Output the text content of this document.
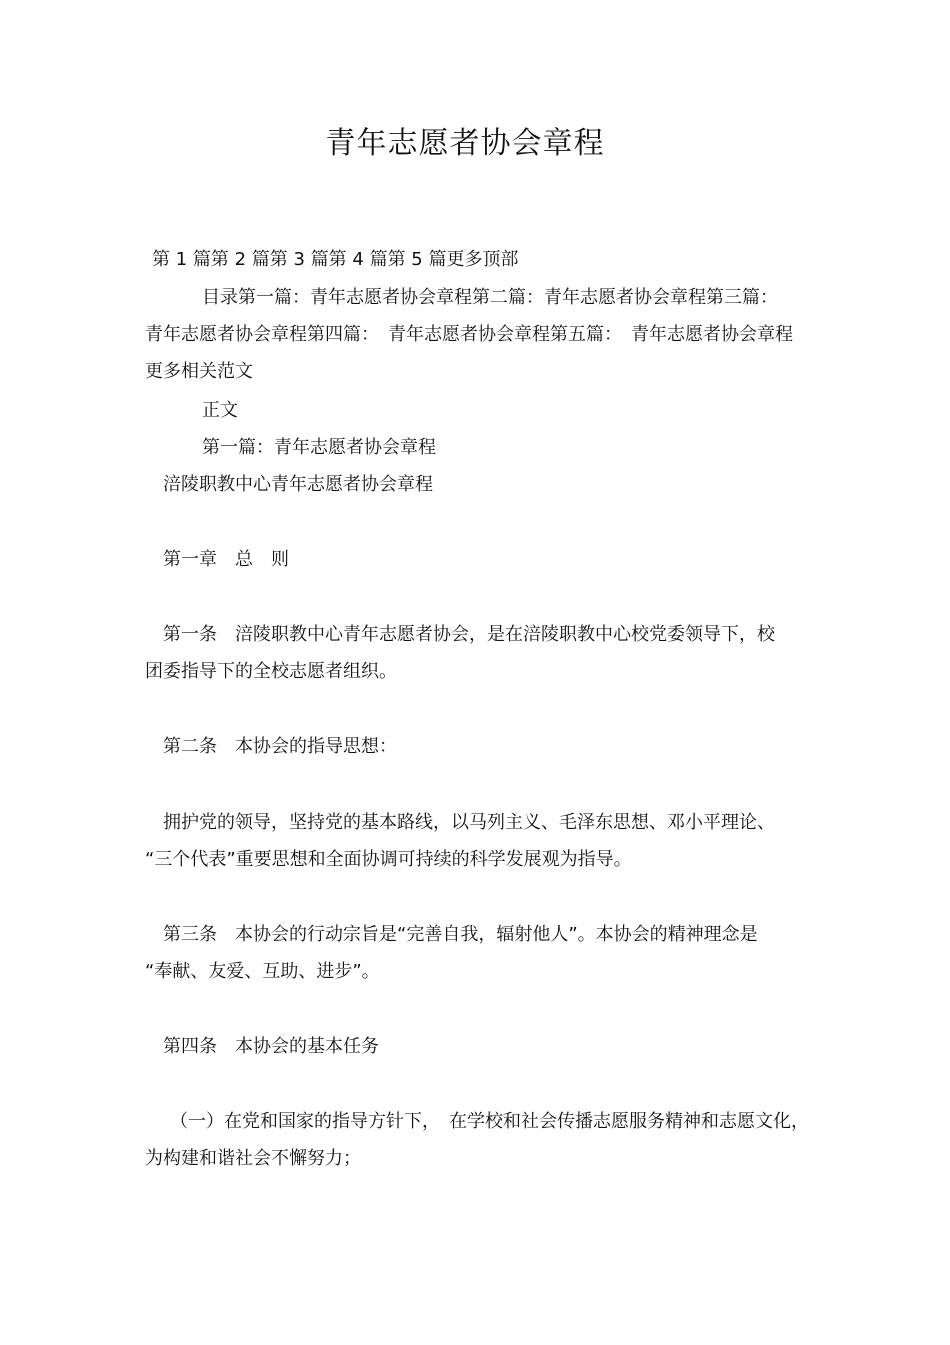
青年志愿者协会章程
第 1 篇第 2 篇第 3 篇第 4 篇第 5 篇更多顶部
目录第一篇：青年志愿者协会章程第二篇：青年志愿者协会章程第三篇：
青年志愿者协会章程第四篇：　青年志愿者协会章程第五篇：　青年志愿者协会章程
更多相关范文
正文
第一篇：青年志愿者协会章程
涪陵职教中心青年志愿者协会章程
第一章　总　则
第一条　涪陵职教中心青年志愿者协会，是在涪陵职教中心校党委领导下，校
团委指导下的全校志愿者组织。
第二条　本协会的指导思想：
拥护党的领导，坚持党的基本路线，以马列主义、毛泽东思想、邓小平理论、
“三个代表”重要思想和全面协调可持续的科学发展观为指导。
第三条　本协会的行动宗旨是“完善自我，辐射他人”。本协会的精神理念是
“奉献、友爱、互助、进步”。
第四条　本协会的基本任务
（一）在党和国家的指导方针下，　在学校和社会传播志愿服务精神和志愿文化，
为构建和谐社会不懈努力；
